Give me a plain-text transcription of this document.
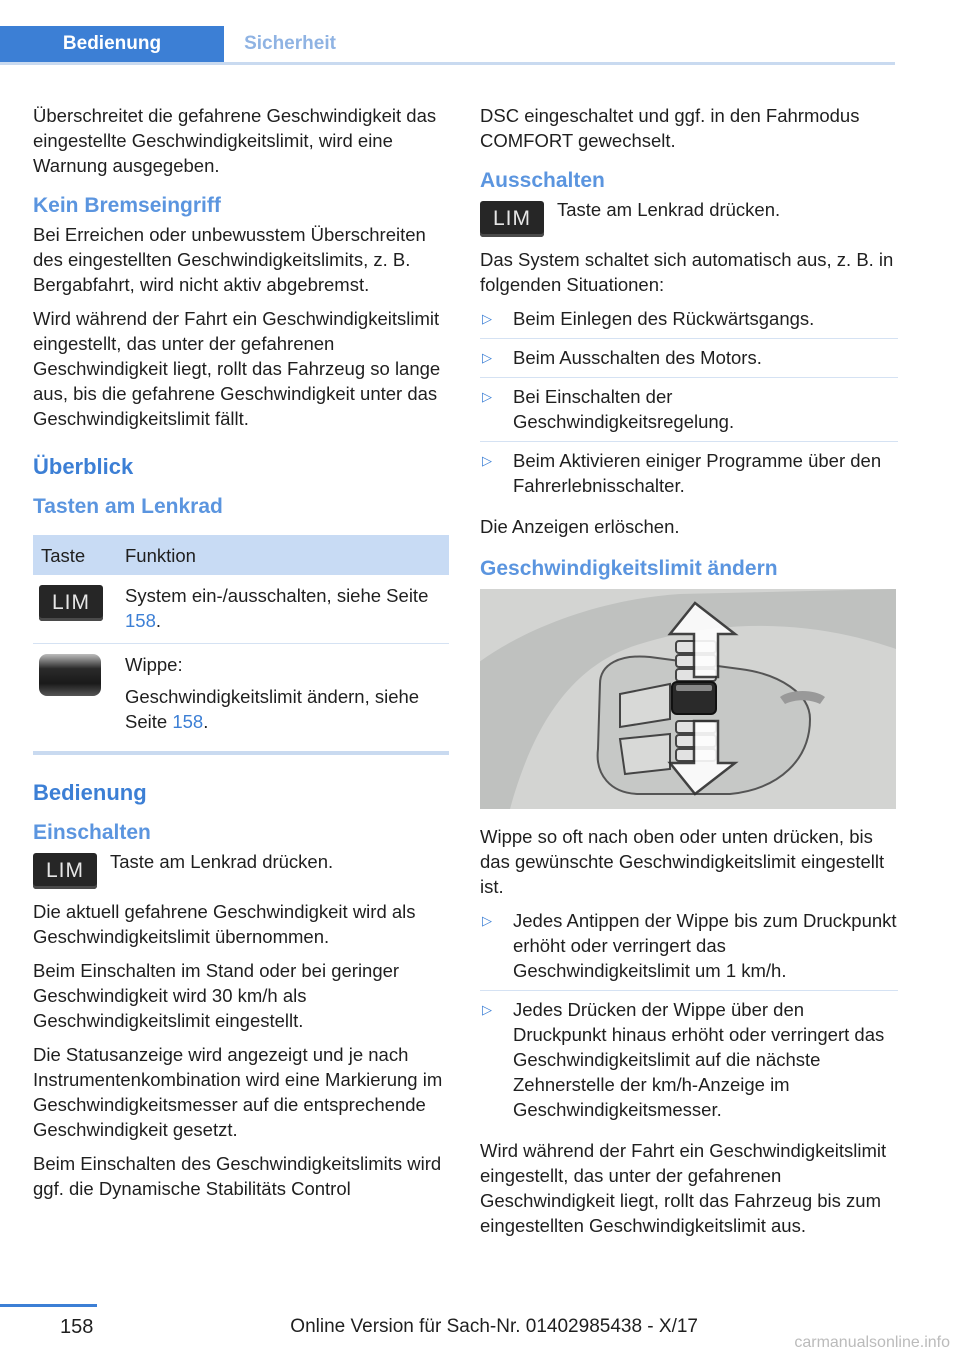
Bedienung	Sicherheit

Überschreitet die gefahrene Geschwindigkeit das eingestellte Geschwindigkeitslimit, wird eine Warnung ausgegeben.

Kein Bremseingriff

Bei Erreichen oder unbewusstem Überschreiten des eingestellten Geschwindigkeitslimits, z. B. Bergabfahrt, wird nicht aktiv abgebremst.

Wird während der Fahrt ein Geschwindigkeitslimit eingestellt, das unter der gefahrenen Geschwindigkeit liegt, rollt das Fahrzeug so lange aus, bis die gefahrene Geschwindigkeit unter das Geschwindigkeitslimit fällt.

Überblick
Tasten am Lenkrad
Taste	Funktion
LIM	System ein-/ausschalten, siehe Seite 158.

	Wippe:

Geschwindigkeitslimit ändern, siehe Seite 158.

Bedienung
Einschalten
LIM	Taste am Lenkrad drücken.

Die aktuell gefahrene Geschwindigkeit wird als Geschwindigkeitslimit übernommen.

Beim Einschalten im Stand oder bei geringer Geschwindigkeit wird 30 km/h als Geschwindigkeitslimit eingestellt.

Die Statusanzeige wird angezeigt und je nach Instrumentenkombination wird eine Markierung im Geschwindigkeitsmesser auf die entsprechende Geschwindigkeit gesetzt.

Beim Einschalten des Geschwindigkeitslimits wird ggf. die Dynamische Stabilitäts Control

DSC eingeschaltet und ggf. in den Fahrmodus COMFORT gewechselt.

Ausschalten
LIM	Taste am Lenkrad drücken.

Das System schaltet sich automatisch aus, z. B. in folgenden Situationen:

▷ Beim Einlegen des Rückwärtsgangs.
▷ Beim Ausschalten des Motors.
▷ Bei Einschalten der Geschwindigkeitsregelung.
▷ Beim Aktivieren einiger Programme über den Fahrerlebnisschalter.

Die Anzeigen erlöschen.

Geschwindigkeitslimit ändern

Wippe so oft nach oben oder unten drücken, bis das gewünschte Geschwindigkeitslimit eingestellt ist.

▷ Jedes Antippen der Wippe bis zum Druckpunkt erhöht oder verringert das Geschwindigkeitslimit um 1 km/h.
▷ Jedes Drücken der Wippe über den Druckpunkt hinaus erhöht oder verringert das Geschwindigkeitslimit auf die nächste Zehnerstelle der km/h-Anzeige im Geschwindigkeitsmesser.

Wird während der Fahrt ein Geschwindigkeitslimit eingestellt, das unter der gefahrenen Geschwindigkeit liegt, rollt das Fahrzeug bis zum eingestellten Geschwindigkeitslimit aus.

158	Online Version für Sach-Nr. 01402985438 - X/17
carmanualsonline.info
